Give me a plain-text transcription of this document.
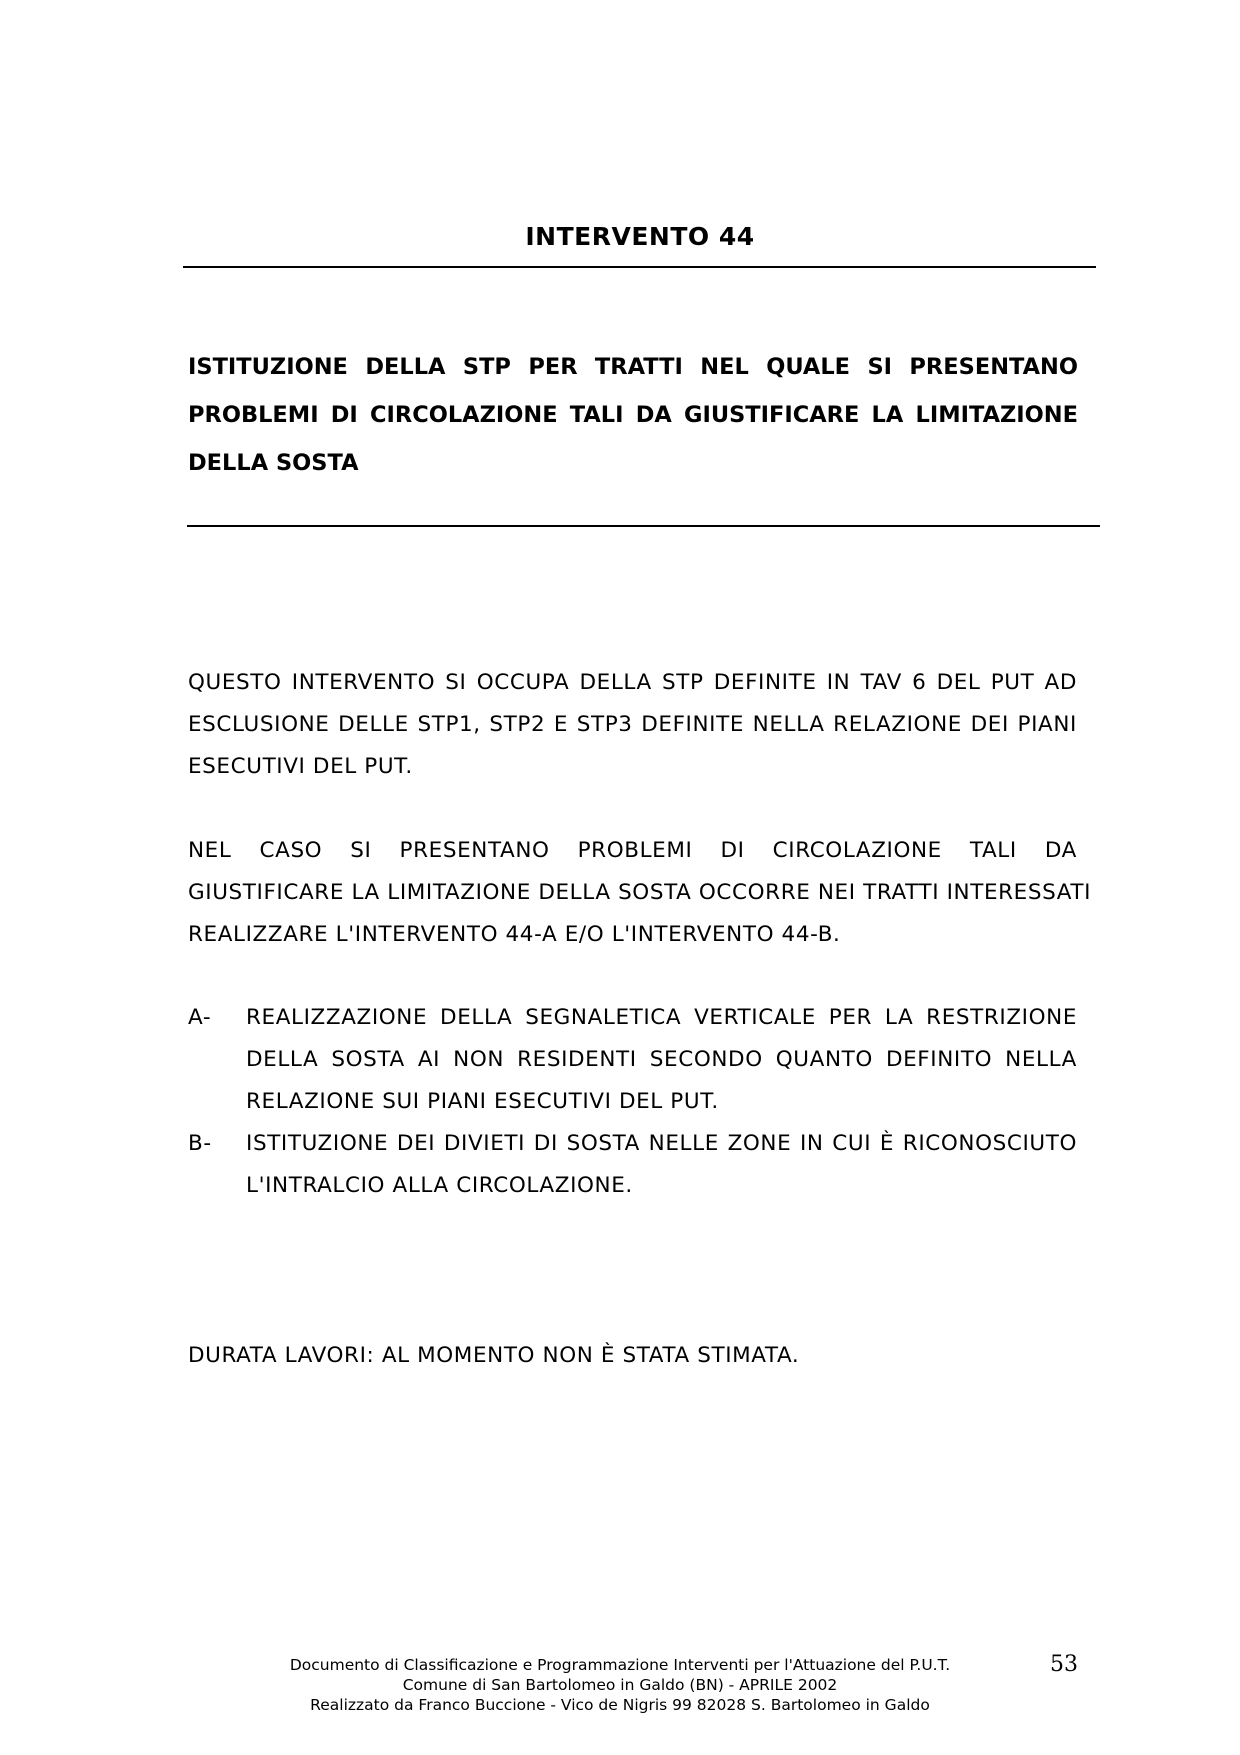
INTERVENTO 44
ISTITUZIONE DELLA STP PER TRATTI NEL QUALE SI PRESENTANO
PROBLEMI DI CIRCOLAZIONE TALI DA GIUSTIFICARE LA LIMITAZIONE
DELLA SOSTA
QUESTO INTERVENTO SI OCCUPA DELLA STP DEFINITE IN TAV 6 DEL PUT AD
ESCLUSIONE DELLE STP1, STP2 E STP3 DEFINITE NELLA RELAZIONE DEI PIANI
ESECUTIVI DEL PUT.
NEL CASO SI PRESENTANO PROBLEMI DI CIRCOLAZIONE TALI DA
GIUSTIFICARE LA LIMITAZIONE DELLA SOSTA OCCORRE NEI TRATTI INTERESSATI
REALIZZARE L'INTERVENTO 44-A E/O L'INTERVENTO 44-B.
A- REALIZZAZIONE DELLA SEGNALETICA VERTICALE PER LA RESTRIZIONE
DELLA SOSTA AI NON RESIDENTI SECONDO QUANTO DEFINITO NELLA
RELAZIONE SUI PIANI ESECUTIVI DEL PUT.
B- ISTITUZIONE DEI DIVIETI DI SOSTA NELLE ZONE IN CUI È RICONOSCIUTO
L'INTRALCIO ALLA CIRCOLAZIONE.
DURATA LAVORI: AL MOMENTO NON È STATA STIMATA.
Documento di Classificazione e Programmazione Interventi per l'Attuazione del P.U.T.
Comune di San Bartolomeo in Galdo (BN) - APRILE 2002
Realizzato da Franco Buccione - Vico de Nigris 99 82028 S. Bartolomeo in Galdo
53
